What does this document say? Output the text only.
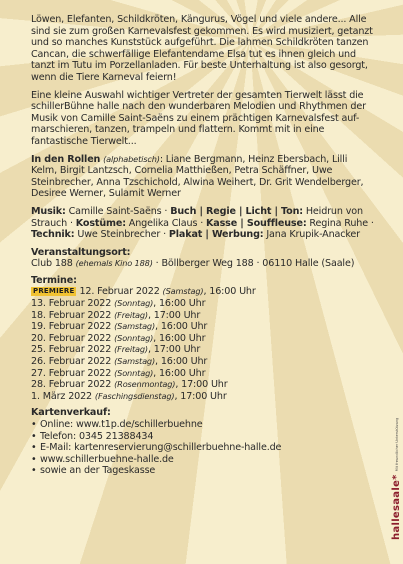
Löwen, Elefanten, Schildkröten, Kängurus, Vögel und viele andere... Alle sind sie zum großen Karnevalsfest gekommen. Es wird musiziert, getanzt und so manches Kunststück aufgeführt. Die lahmen Schildkröten tanzen Cancan, die schwerfällige Elefantendame Elsa tut es ihnen gleich und tanzt im Tutu im Porzellanladen. Für beste Unterhaltung ist also gesorgt, wenn die Tiere Karneval feiern!

Eine kleine Auswahl wichtiger Vertreter der gesamten Tierwelt lässt die schillerBühne halle nach den wunderbaren Melodien und Rhythmen der Musik von Camille Saint-Saëns zu einem prächtigen Karnevalsfest auf-marschieren, tanzen, trampeln und flattern. Kommt mit in eine fantastische Tierwelt...

In den Rollen (alphabetisch): Liane Bergmann, Heinz Ebersbach, Lilli Kelm, Birgit Lantzsch, Cornelia Matthießen, Petra Schäffner, Uwe Steinbrecher, Anna Tzschichold, Alwina Weihert, Dr. Grit Wendelberger, Desiree Werner, Sulamit Werner

Musik: Camille Saint-Saëns · Buch | Regie | Licht | Ton: Heidrun von Strauch · Kostüme: Angelika Claus · Kasse | Souffleuse: Regina Ruhe · Technik: Uwe Steinbrecher · Plakat | Werbung: Jana Krupik-Anacker

Veranstaltungsort:
Club 188 (ehemals Kino 188) · Böllberger Weg 188 · 06110 Halle (Saale)
Termine:
PREMIERE 12. Februar 2022 (Samstag), 16:00 Uhr
13. Februar 2022 (Sonntag), 16:00 Uhr
18. Februar 2022 (Freitag), 17:00 Uhr
19. Februar 2022 (Samstag), 16:00 Uhr
20. Februar 2022 (Sonntag), 16:00 Uhr
25. Februar 2022 (Freitag), 17:00 Uhr
26. Februar 2022 (Samstag), 16:00 Uhr
27. Februar 2022 (Sonntag), 16:00 Uhr
28. Februar 2022 (Rosenmontag), 17:00 Uhr
1. März 2022 (Faschingsdienstag), 17:00 Uhr
Kartenverkauf:
• Online: www.t1p.de/schillerbuehne
• Telefon: 0345 21388434
• E-Mail: kartenreservierung@schillerbuehne-halle.de
• www.schillerbuehne-halle.de
• sowie an der Tageskasse
hallesaale*Mit freundlicher Unterstützung
